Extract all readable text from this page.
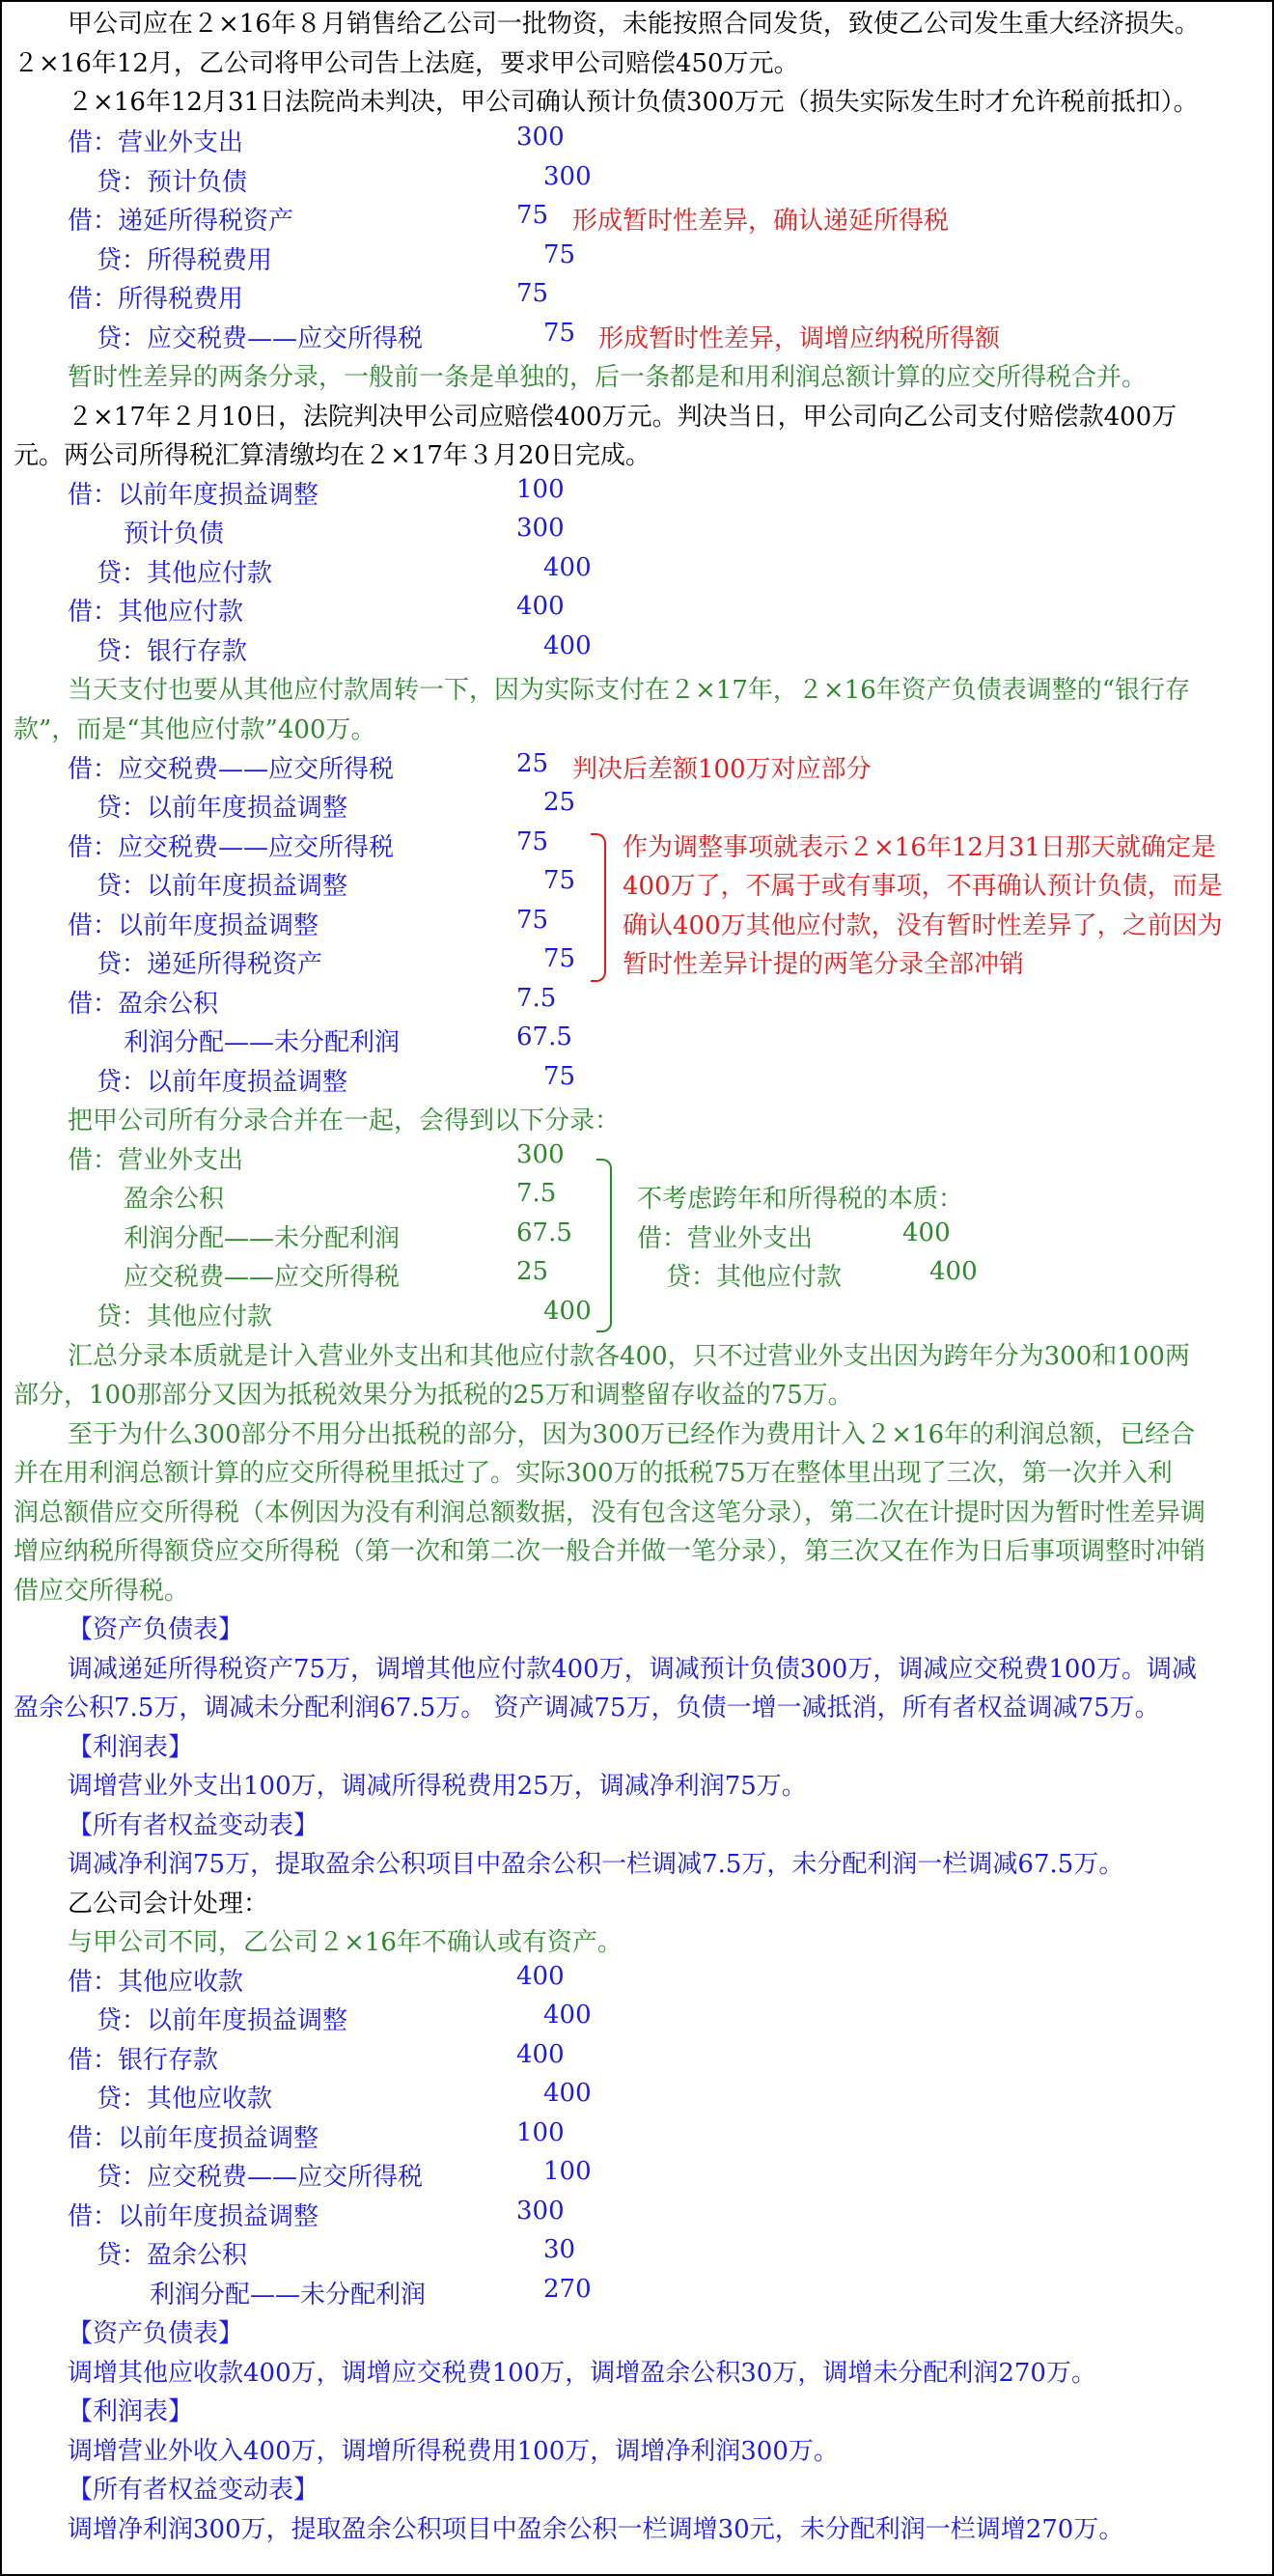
甲公司应在２×16年８月销售给乙公司一批物资，未能按照合同发货，致使乙公司发生重大经济损失。
２×16年12月，乙公司将甲公司告上法庭，要求甲公司赔偿450万元。
２×16年12月31日法院尚未判决，甲公司确认预计负债300万元（损失实际发生时才允许税前抵扣）。
借：营业外支出	300
贷：预计负债	300
借：递延所得税资产	75 形成暂时性差异，确认递延所得税
贷：所得税费用	75
借：所得税费用	75
贷：应交税费——应交所得税	75 形成暂时性差异，调增应纳税所得额
暂时性差异的两条分录，一般前一条是单独的，后一条都是和用利润总额计算的应交所得税合并。
２×17年２月10日，法院判决甲公司应赔偿400万元。判决当日，甲公司向乙公司支付赔偿款400万
元。两公司所得税汇算清缴均在２×17年３月20日完成。
借：以前年度损益调整	100
预计负债	300
贷：其他应付款	400
借：其他应付款	400
贷：银行存款	400
当天支付也要从其他应付款周转一下，因为实际支付在２×17年，２×16年资产负债表调整的“银行存
款”，而是“其他应付款”400万。
借：应交税费——应交所得税	25 判决后差额100万对应部分
贷：以前年度损益调整	25
借：应交税费——应交所得税	75
贷：以前年度损益调整	75
借：以前年度损益调整	75
贷：递延所得税资产	75
作为调整事项就表示２×16年12月31日那天就确定是
400万了，不属于或有事项，不再确认预计负债，而是
确认400万其他应付款，没有暂时性差异了，之前因为
暂时性差异计提的两笔分录全部冲销
借：盈余公积	7.5
利润分配——未分配利润	67.5
贷：以前年度损益调整	75
把甲公司所有分录合并在一起，会得到以下分录：
借：营业外支出	300
盈余公积	7.5
利润分配——未分配利润	67.5
应交税费——应交所得税	25
贷：其他应付款	400
不考虑跨年和所得税的本质：
借：营业外支出	400
贷：其他应付款	400
汇总分录本质就是计入营业外支出和其他应付款各400，只不过营业外支出因为跨年分为300和100两
部分，100那部分又因为抵税效果分为抵税的25万和调整留存收益的75万。
至于为什么300部分不用分出抵税的部分，因为300万已经作为费用计入２×16年的利润总额，已经合
并在用利润总额计算的应交所得税里抵过了。实际300万的抵税75万在整体里出现了三次，第一次并入利
润总额借应交所得税（本例因为没有利润总额数据，没有包含这笔分录），第二次在计提时因为暂时性差异调
增应纳税所得额贷应交所得税（第一次和第二次一般合并做一笔分录），第三次又在作为日后事项调整时冲销
借应交所得税。
【资产负债表】
调减递延所得税资产75万，调增其他应付款400万，调减预计负债300万，调减应交税费100万。调减
盈余公积7.5万，调减未分配利润67.5万。 资产调减75万，负债一增一减抵消，所有者权益调减75万。
【利润表】
调增营业外支出100万，调减所得税费用25万，调减净利润75万。
【所有者权益变动表】
调减净利润75万，提取盈余公积项目中盈余公积一栏调减7.5万，未分配利润一栏调减67.5万。
乙公司会计处理：
与甲公司不同，乙公司２×16年不确认或有资产。
借：其他应收款	400
贷：以前年度损益调整	400
借：银行存款	400
贷：其他应收款	400
借：以前年度损益调整	100
贷：应交税费——应交所得税	100
借：以前年度损益调整	300
贷：盈余公积	30
利润分配——未分配利润	270
【资产负债表】
调增其他应收款400万，调增应交税费100万，调增盈余公积30万，调增未分配利润270万。
【利润表】
调增营业外收入400万，调增所得税费用100万，调增净利润300万。
【所有者权益变动表】
调增净利润300万，提取盈余公积项目中盈余公积一栏调增30元，未分配利润一栏调增270万。
